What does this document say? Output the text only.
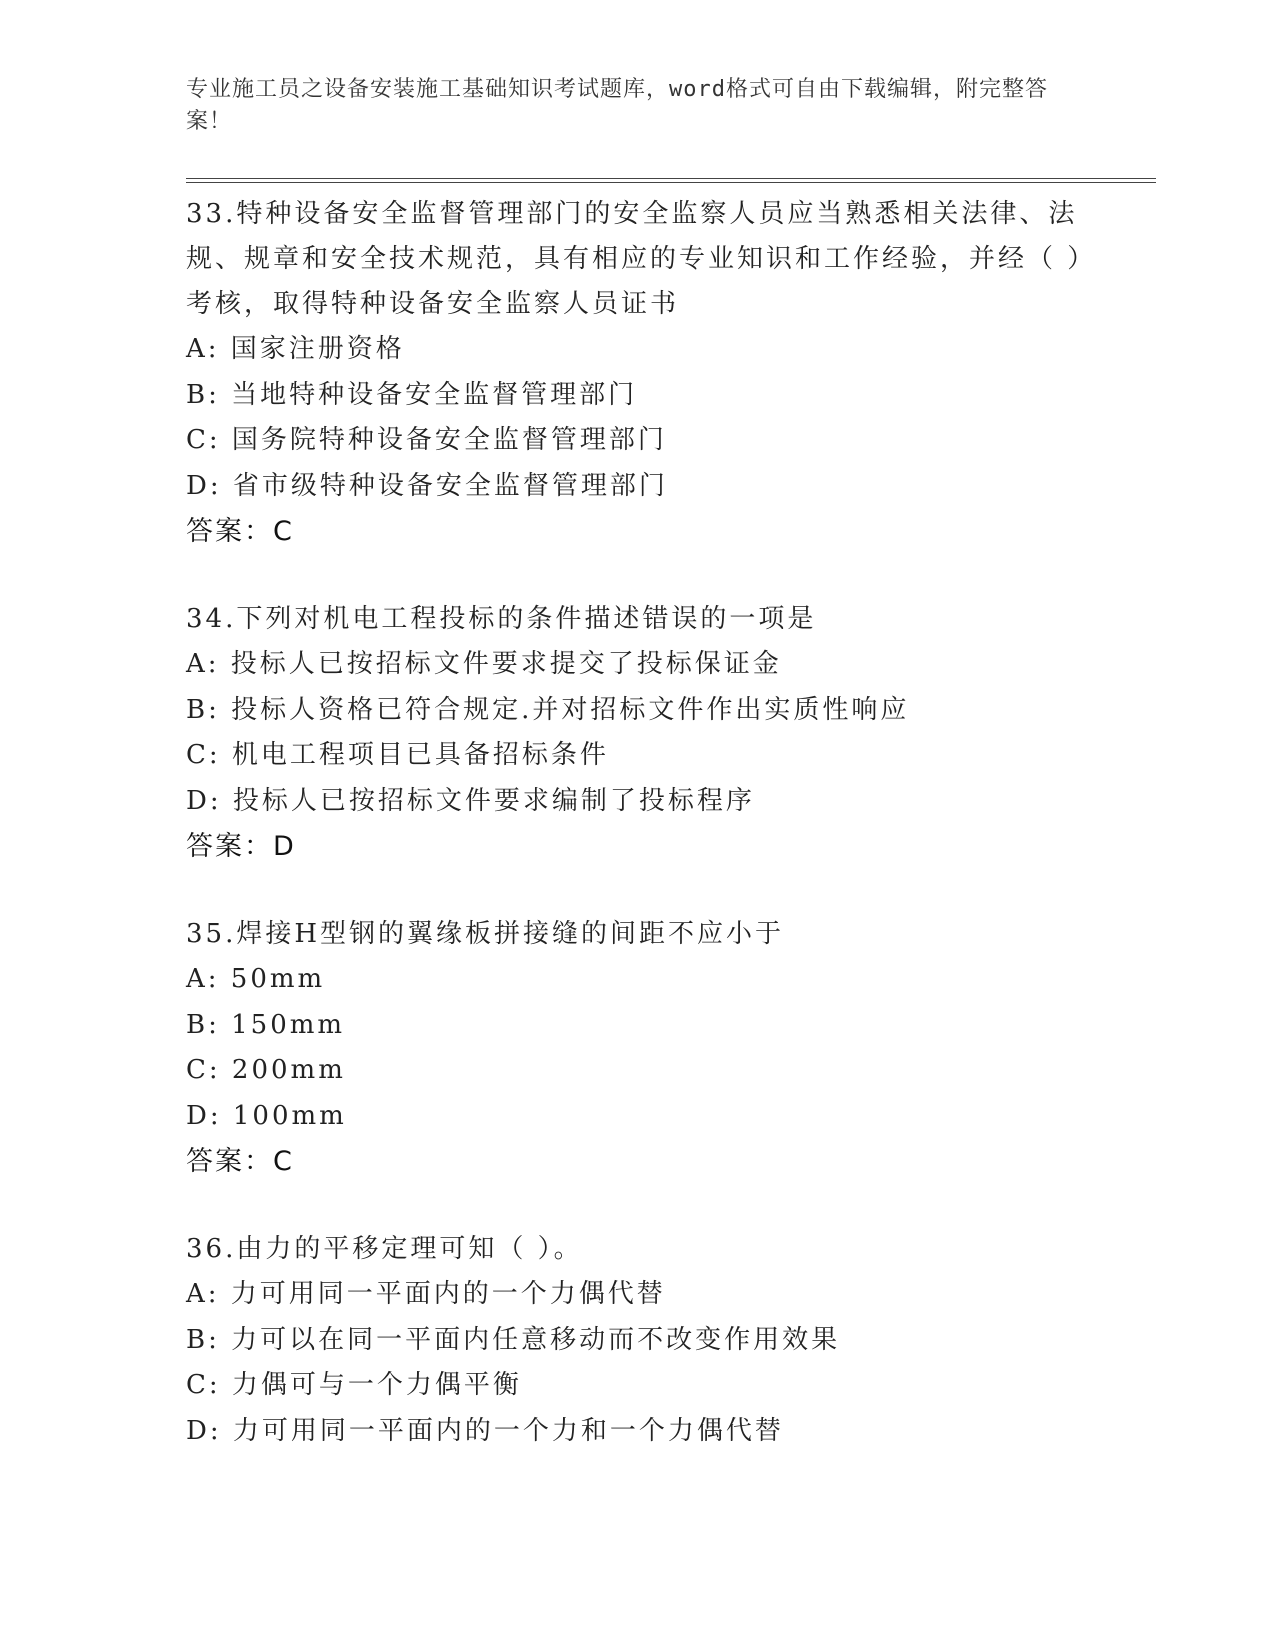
专业施工员之设备安装施工基础知识考试题库，word格式可自由下载编辑，附完整答案！

33.特种设备安全监督管理部门的安全监察人员应当熟悉相关法律、法规、规章和安全技术规范，具有相应的专业知识和工作经验，并经（ ）考核，取得特种设备安全监察人员证书

A: 国家注册资格

B: 当地特种设备安全监督管理部门

C: 国务院特种设备安全监督管理部门

D: 省市级特种设备安全监督管理部门

答案：C

34.下列对机电工程投标的条件描述错误的一项是

A: 投标人已按招标文件要求提交了投标保证金

B: 投标人资格已符合规定.并对招标文件作出实质性响应

C: 机电工程项目已具备招标条件

D: 投标人已按招标文件要求编制了投标程序

答案：D

35.焊接H型钢的翼缘板拼接缝的间距不应小于

A: 50mm

B: 150mm

C: 200mm

D: 100mm

答案：C

36.由力的平移定理可知（ ）。

A: 力可用同一平面内的一个力偶代替

B: 力可以在同一平面内任意移动而不改变作用效果

C: 力偶可与一个力偶平衡

D: 力可用同一平面内的一个力和一个力偶代替
